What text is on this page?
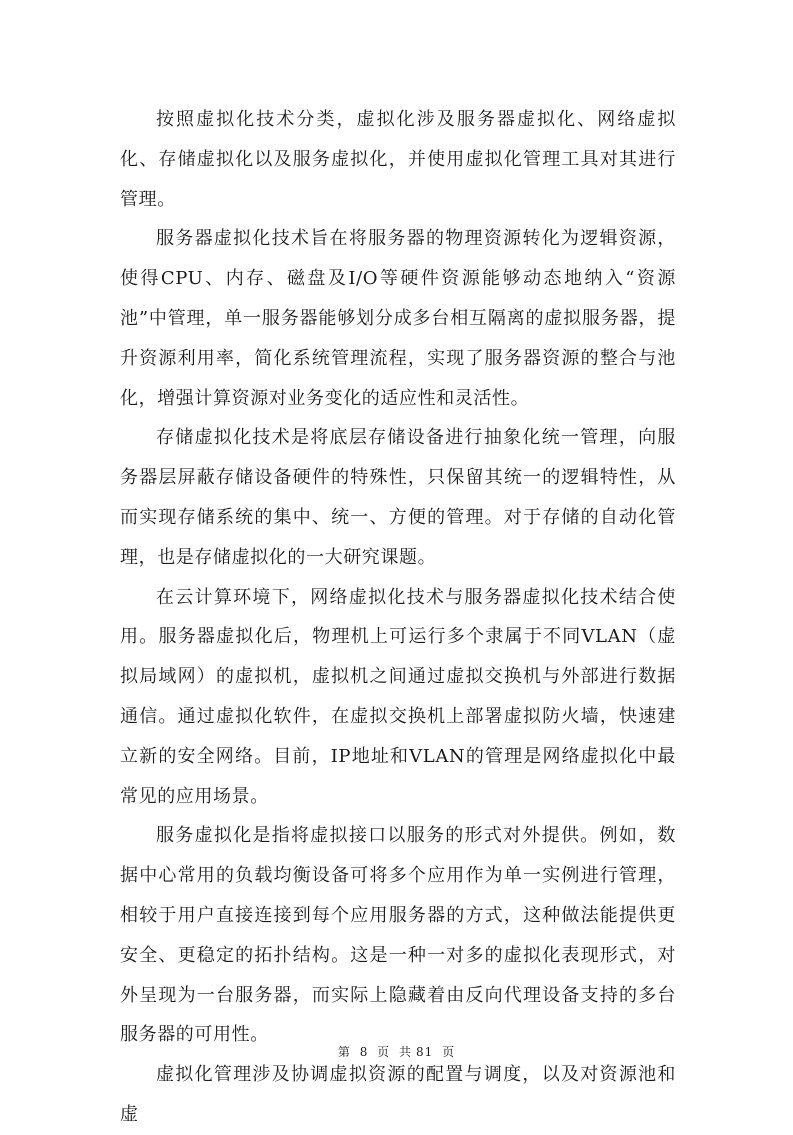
按照虚拟化技术分类，虚拟化涉及服务器虚拟化、网络虚拟化、存储虚拟化以及服务虚拟化，并使用虚拟化管理工具对其进行管理。

服务器虚拟化技术旨在将服务器的物理资源转化为逻辑资源，使得CPU、内存、磁盘及I/O等硬件资源能够动态地纳入“资源池”中管理，单一服务器能够划分成多台相互隔离的虚拟服务器，提升资源利用率，简化系统管理流程，实现了服务器资源的整合与池化，增强计算资源对业务变化的适应性和灵活性。

存储虚拟化技术是将底层存储设备进行抽象化统一管理，向服务器层屏蔽存储设备硬件的特殊性，只保留其统一的逻辑特性，从而实现存储系统的集中、统一、方便的管理。对于存储的自动化管理，也是存储虚拟化的一大研究课题。

在云计算环境下，网络虚拟化技术与服务器虚拟化技术结合使用。服务器虚拟化后，物理机上可运行多个隶属于不同VLAN（虚拟局域网）的虚拟机，虚拟机之间通过虚拟交换机与外部进行数据通信。通过虚拟化软件，在虚拟交换机上部署虚拟防火墙，快速建立新的安全网络。目前，IP地址和VLAN的管理是网络虚拟化中最常见的应用场景。

服务虚拟化是指将虚拟接口以服务的形式对外提供。例如，数据中心常用的负载均衡设备可将多个应用作为单一实例进行管理，相较于用户直接连接到每个应用服务器的方式，这种做法能提供更安全、更稳定的拓扑结构。这是一种一对多的虚拟化表现形式，对外呈现为一台服务器，而实际上隐藏着由反向代理设备支持的多台服务器的可用性。

虚拟化管理涉及协调虚拟资源的配置与调度，以及对资源池和虚

第 8 页 共 81 页
